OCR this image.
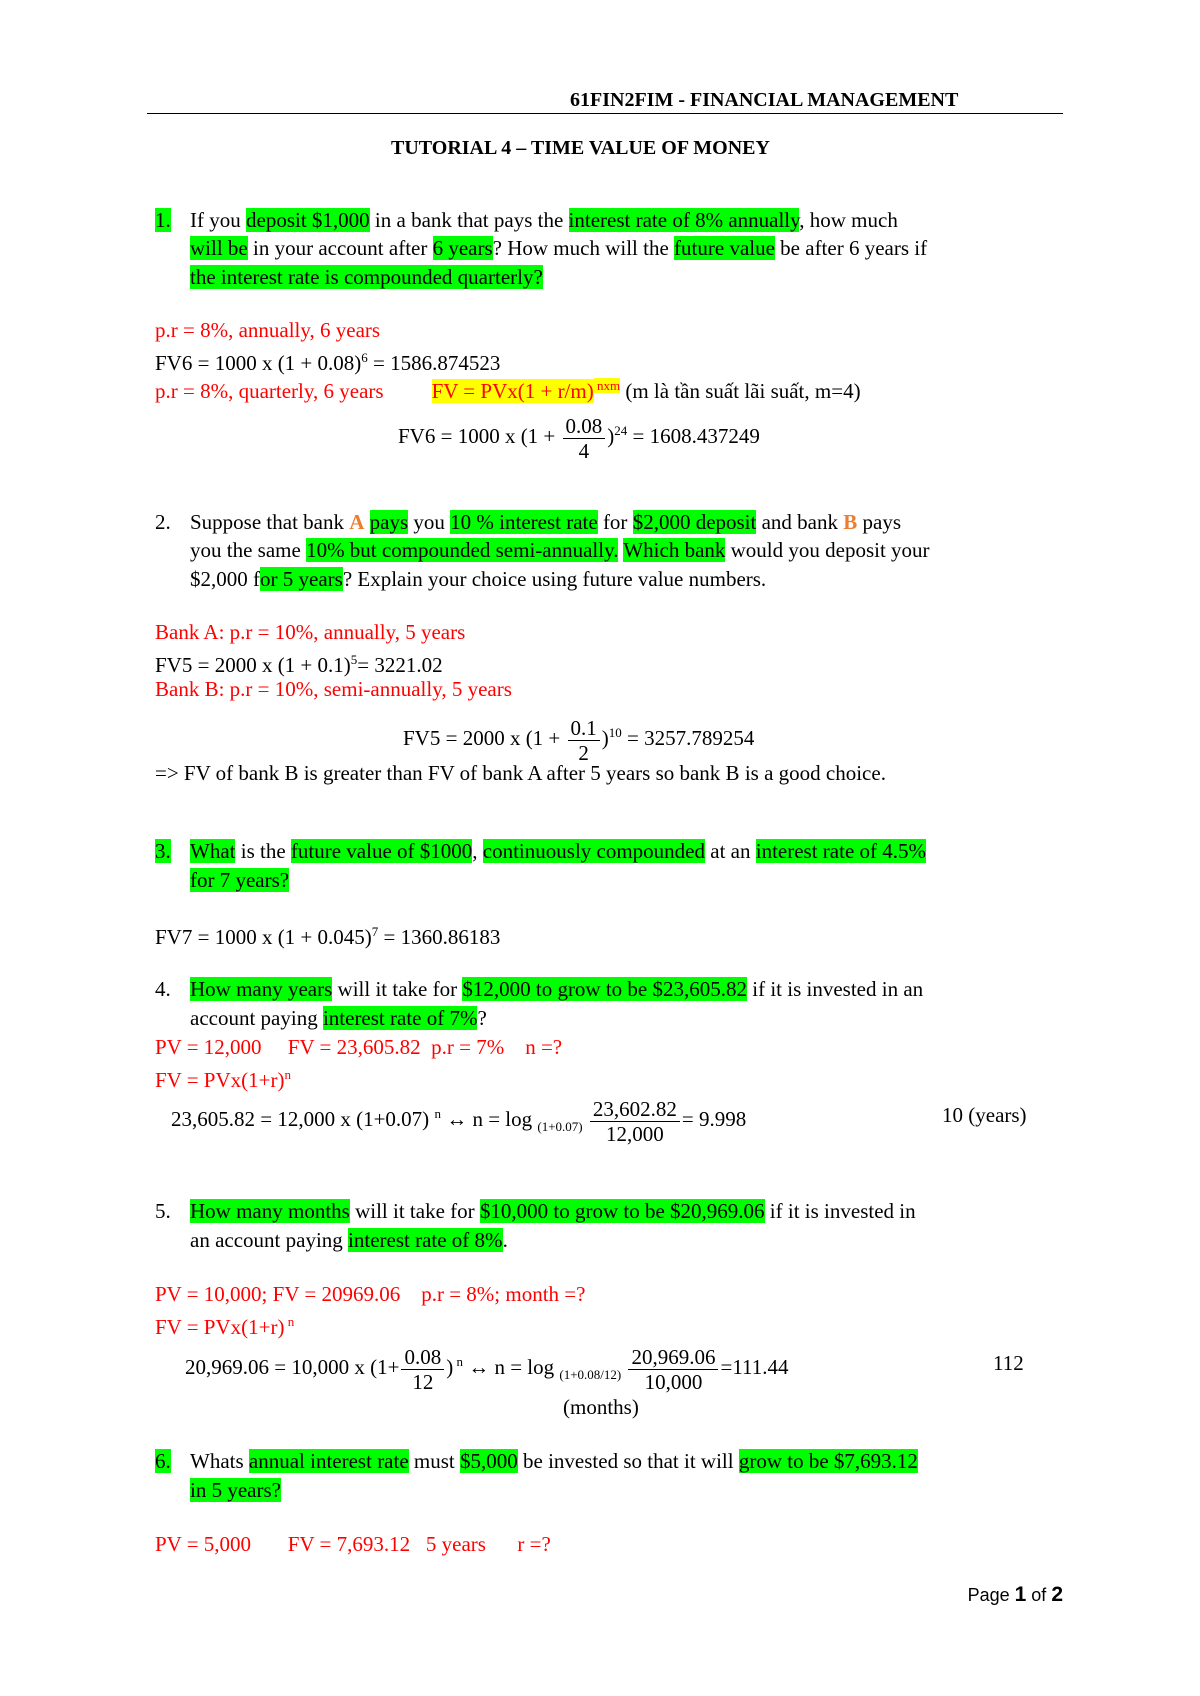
61FIN2FIM - FINANCIAL MANAGEMENT
TUTORIAL 4 – TIME VALUE OF MONEY
1. If you deposit $1,000 in a bank that pays the interest rate of 8% annually, how much
will be in your account after 6 years? How much will the future value be after 6 years if
the interest rate is compounded quarterly?
p.r = 8%, annually, 6 years
FV6 = 1000 x $(1 + 0.08)^6 = 1586.874523$
p.r = 8%, quarterly, 6 years FV = PVx(1 + r/m) $^{nxm}$ (m là tần suất lãi suất, m=4)
FV6 = 1000 x $(1 + \frac{0.08}{4} )^{24} = 1608.437249$
2. Suppose that bank A pays you 10 % interest rate for $2,000 deposit and bank B pays
you the same 10% but compounded semi-annually. Which bank would you deposit your
$2,000 for 5 years? Explain your choice using future value numbers.
Bank A: p.r = 10%, annually, 5 years
FV5 = 2000 x $(1 + 0.1)^5= 3221.02$
Bank B: p.r = 10%, semi-annually, 5 years
FV5 = 2000 x $(1 + \frac{0.1}{2} )^{10} = 3257.789254$
=> FV of bank B is greater than FV of bank A after 5 years so bank B is a good choice.
3. What is the future value of $1000, continuously compounded at an interest rate of 4.5%
for 7 years?
FV7 = 1000 x $(1 + 0.045)^7 = 1360.86183$
4. How many years will it take for $12,000 to grow to be $23,605.82 if it is invested in an
account paying interest rate of 7%?
PV = 12,000     FV = 23,605.82  p.r = 7%    n =?
FV = $PVx(1+r)^n$
23,605.82 = 12,000 x (1+0.07) $^n$ ↔ $n = \log _{(1+0.07)} \frac{23,602.82}{12,000} = 9.998$	10 (years)
5. How many months will it take for $10,000 to grow to be $20,969.06 if it is invested in
an account paying interest rate of 8%.
PV = 10,000; FV = 20969.06    p.r = 8%; month =?
FV = PVx(1+r) $^n$
20,969.06 = 10,000 x ($1+ \frac{0.08}{12}$ ) $^n$ ↔ $n = \log _{(1+0.08/12)} \frac{20,969.06}{10,000} =111.44$	112
(months)
6. Whats annual interest rate must $5,000 be invested so that it will grow to be $7,693.12
in 5 years?
PV = 5,000       FV = 7,693.12   5 years      r =?
Page 1 of 2
